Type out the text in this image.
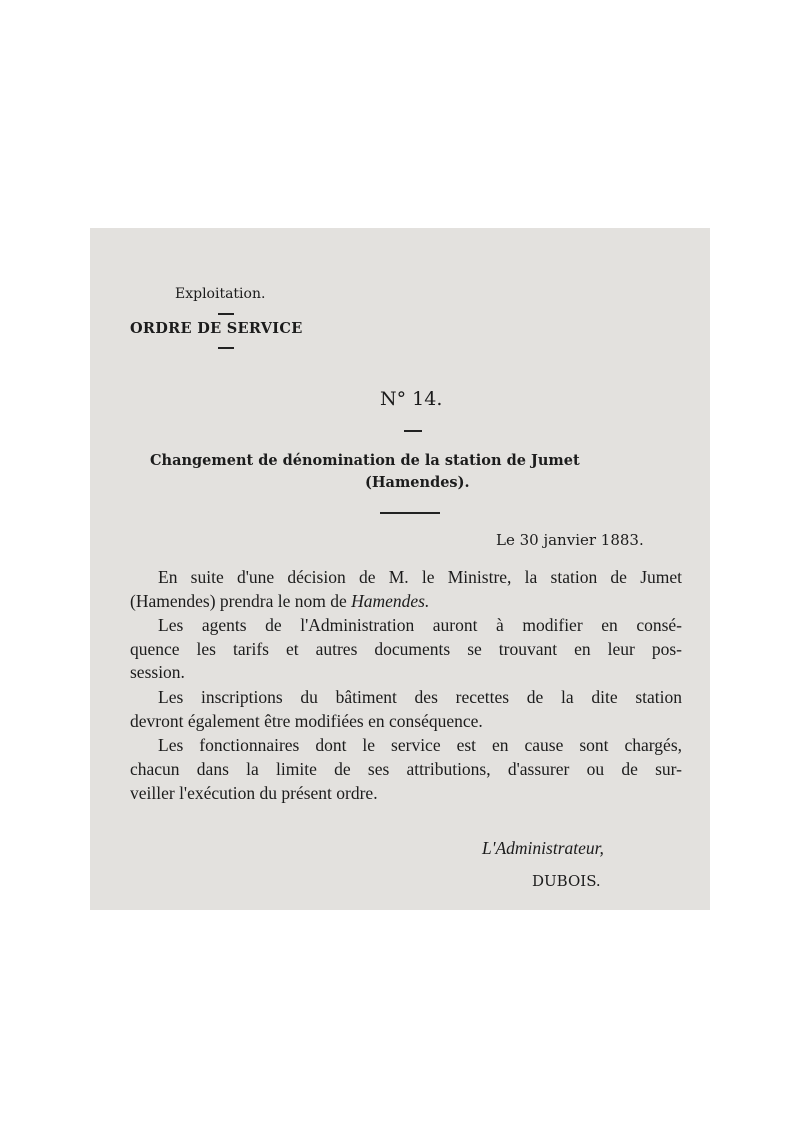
Exploitation.
ORDRE DE SERVICE
N° 14.
Changement de dénomination de la station de Jumet
(Hamendes).
Le 30 janvier 1883.
En suite d'une décision de M. le Ministre, la station de Jumet
(Hamendes) prendra le nom de Hamendes.
Les agents de l'Administration auront à modifier en consé-
quence les tarifs et autres documents se trouvant en leur pos-
session.
Les inscriptions du bâtiment des recettes de la dite station
devront également être modifiées en conséquence.
Les fonctionnaires dont le service est en cause sont chargés,
chacun dans la limite de ses attributions, d'assurer ou de sur-
veiller l'exécution du présent ordre.
L'Administrateur,
DUBOIS.
